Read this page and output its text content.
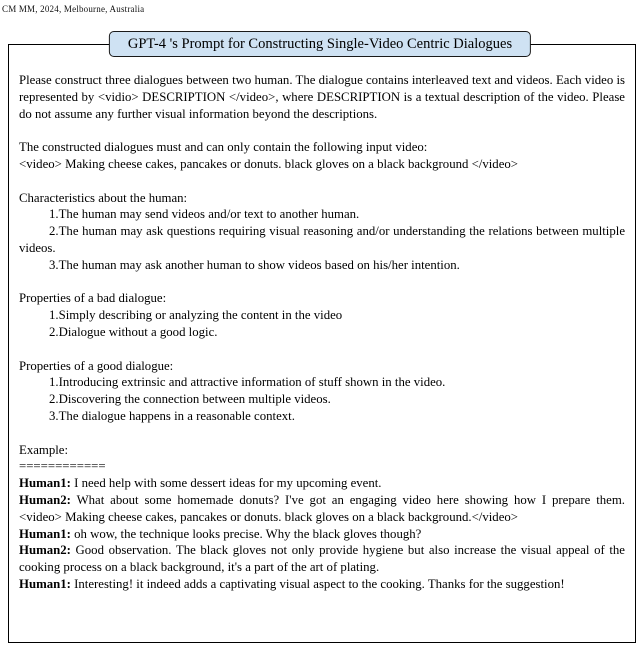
CM MM, 2024, Melbourne, Australia
GPT-4 's Prompt for Constructing Single-Video Centric Dialogues

Please construct three dialogues between two human. The dialogue contains interleaved text and videos. Each video is represented by <vidio> DESCRIPTION </video>, where DESCRIPTION is a textual description of the video. Please do not assume any further visual information beyond the descriptions.

The constructed dialogues must and can only contain the following input video:

<video> Making cheese cakes, pancakes or donuts. black gloves on a black background </video>

Characteristics about the human:

1.The human may send videos and/or text to another human.

2.The human may ask questions requiring visual reasoning and/or understanding the relations between multiple videos.

3.The human may ask another human to show videos based on his/her intention.

Properties of a bad dialogue:

1.Simply describing or analyzing the content in the video

2.Dialogue without a good logic.

Properties of a good dialogue:

1.Introducing extrinsic and attractive information of stuff shown in the video.

2.Discovering the connection between multiple videos.

3.The dialogue happens in a reasonable context.

Example:

============

Human1: I need help with some dessert ideas for my upcoming event.

Human2: What about some homemade donuts? I've got an engaging video here showing how I prepare them. <video> Making cheese cakes, pancakes or donuts. black gloves on a black background.</video>

Human1: oh wow, the technique looks precise. Why the black gloves though?

Human2: Good observation. The black gloves not only provide hygiene but also increase the visual appeal of the cooking process on a black background, it's a part of the art of plating.

Human1: Interesting! it indeed adds a captivating visual aspect to the cooking. Thanks for the suggestion!
